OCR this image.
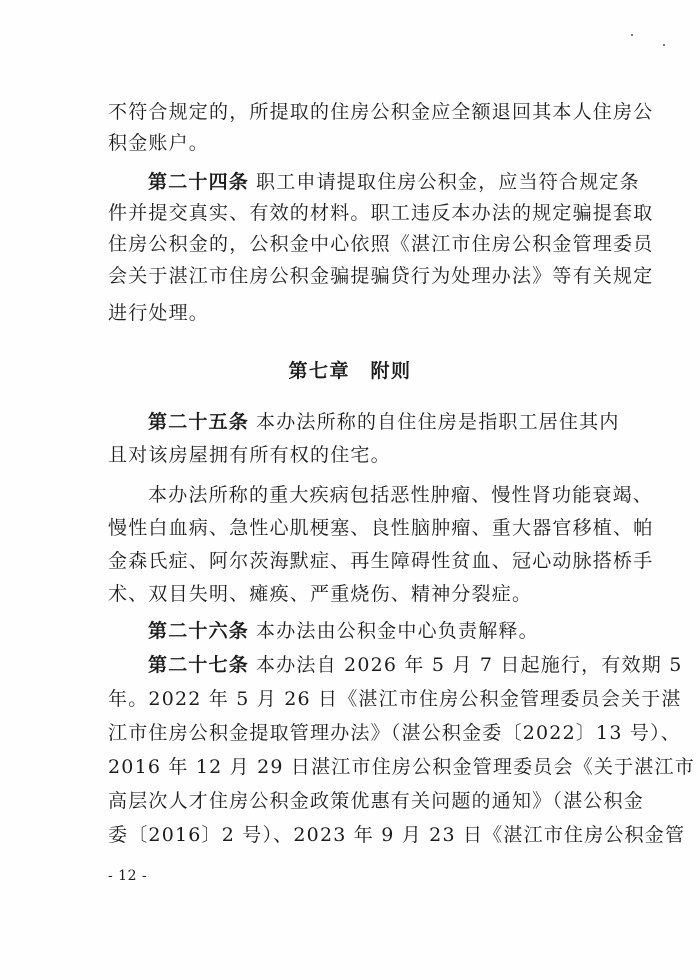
不符合规定的，所提取的住房公积金应全额退回其本人住房公
积金账户。
第二十四条 职工申请提取住房公积金，应当符合规定条
件并提交真实、有效的材料。职工违反本办法的规定骗提套取
住房公积金的，公积金中心依照《湛江市住房公积金管理委员
会关于湛江市住房公积金骗提骗贷行为处理办法》等有关规定
进行处理。
第七章　附则
第二十五条 本办法所称的自住住房是指职工居住其内
且对该房屋拥有所有权的住宅。
本办法所称的重大疾病包括恶性肿瘤、慢性肾功能衰竭、
慢性白血病、急性心肌梗塞、良性脑肿瘤、重大器官移植、帕
金森氏症、阿尔茨海默症、再生障碍性贫血、冠心动脉搭桥手
术、双目失明、瘫痪、严重烧伤、精神分裂症。
第二十六条 本办法由公积金中心负责解释。
第二十七条 本办法自 2026 年 5 月 7 日起施行，有效期 5
年。2022 年 5 月 26 日《湛江市住房公积金管理委员会关于湛
江市住房公积金提取管理办法》（湛公积金委〔2022〕13 号）、
2016 年 12 月 29 日湛江市住房公积金管理委员会《关于湛江市
高层次人才住房公积金政策优惠有关问题的通知》（湛公积金
委〔2016〕2 号）、2023 年 9 月 23 日《湛江市住房公积金管
- 12 -
